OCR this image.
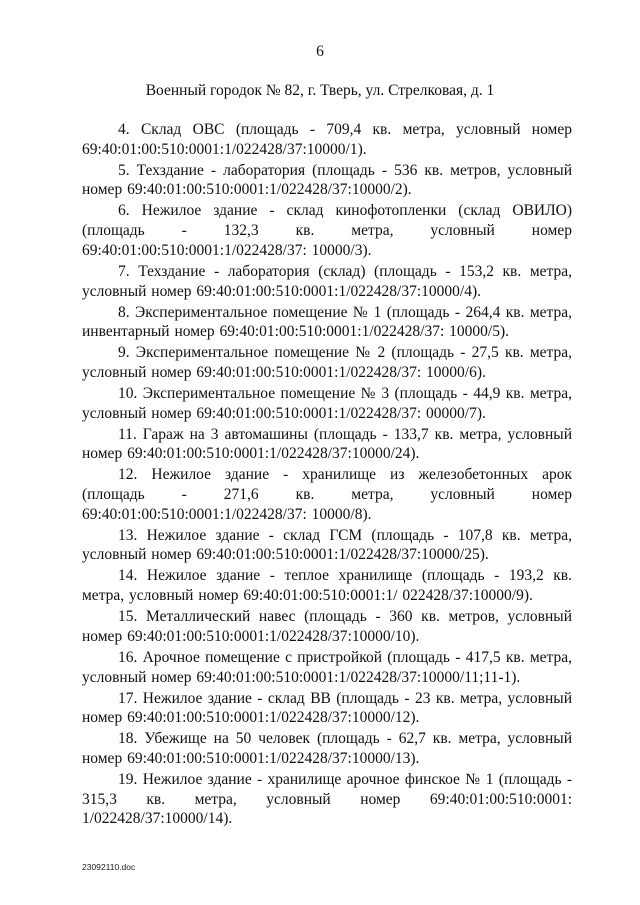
6
Военный городок № 82, г. Тверь, ул. Стрелковая, д. 1

4. Склад ОВС (площадь - 709,4 кв. метра, условный номер 69:40:01:00:510:0001:1/022428/37:10000/1).

5. Техздание - лаборатория (площадь - 536 кв. метров, условный номер 69:40:01:00:510:0001:1/022428/37:10000/2).

6. Нежилое здание - склад кинофотопленки (склад ОВИЛО) (площадь - 132,3 кв. метра, условный номер 69:40:01:00:510:0001:1/022428/37: 10000/3).

7. Техздание - лаборатория (склад) (площадь - 153,2 кв. метра, условный номер 69:40:01:00:510:0001:1/022428/37:10000/4).

8. Экспериментальное помещение № 1 (площадь - 264,4 кв. метра, инвентарный номер 69:40:01:00:510:0001:1/022428/37: 10000/5).

9. Экспериментальное помещение № 2 (площадь - 27,5 кв. метра, условный номер 69:40:01:00:510:0001:1/022428/37: 10000/6).

10. Экспериментальное помещение № 3 (площадь - 44,9 кв. метра, условный номер 69:40:01:00:510:0001:1/022428/37: 00000/7).

11. Гараж на 3 автомашины (площадь - 133,7 кв. метра, условный номер 69:40:01:00:510:0001:1/022428/37:10000/24).

12. Нежилое здание - хранилище из железобетонных арок (площадь - 271,6 кв. метра, условный номер 69:40:01:00:510:0001:1/022428/37: 10000/8).

13. Нежилое здание - склад ГСМ (площадь - 107,8 кв. метра, условный номер 69:40:01:00:510:0001:1/022428/37:10000/25).

14. Нежилое здание - теплое хранилище (площадь - 193,2 кв. метра, условный номер 69:40:01:00:510:0001:1/ 022428/37:10000/9).

15. Металлический навес (площадь - 360 кв. метров, условный номер 69:40:01:00:510:0001:1/022428/37:10000/10).

16. Арочное помещение с пристройкой (площадь - 417,5 кв. метра, условный номер 69:40:01:00:510:0001:1/022428/37:10000/11;11-1).

17. Нежилое здание - склад ВВ (площадь - 23 кв. метра, условный номер 69:40:01:00:510:0001:1/022428/37:10000/12).

18. Убежище на 50 человек (площадь - 62,7 кв. метра, условный номер 69:40:01:00:510:0001:1/022428/37:10000/13).

19. Нежилое здание - хранилище арочное финское № 1 (площадь - 315,3 кв. метра, условный номер 69:40:01:00:510:0001: 1/022428/37:10000/14).

23092110.doc
